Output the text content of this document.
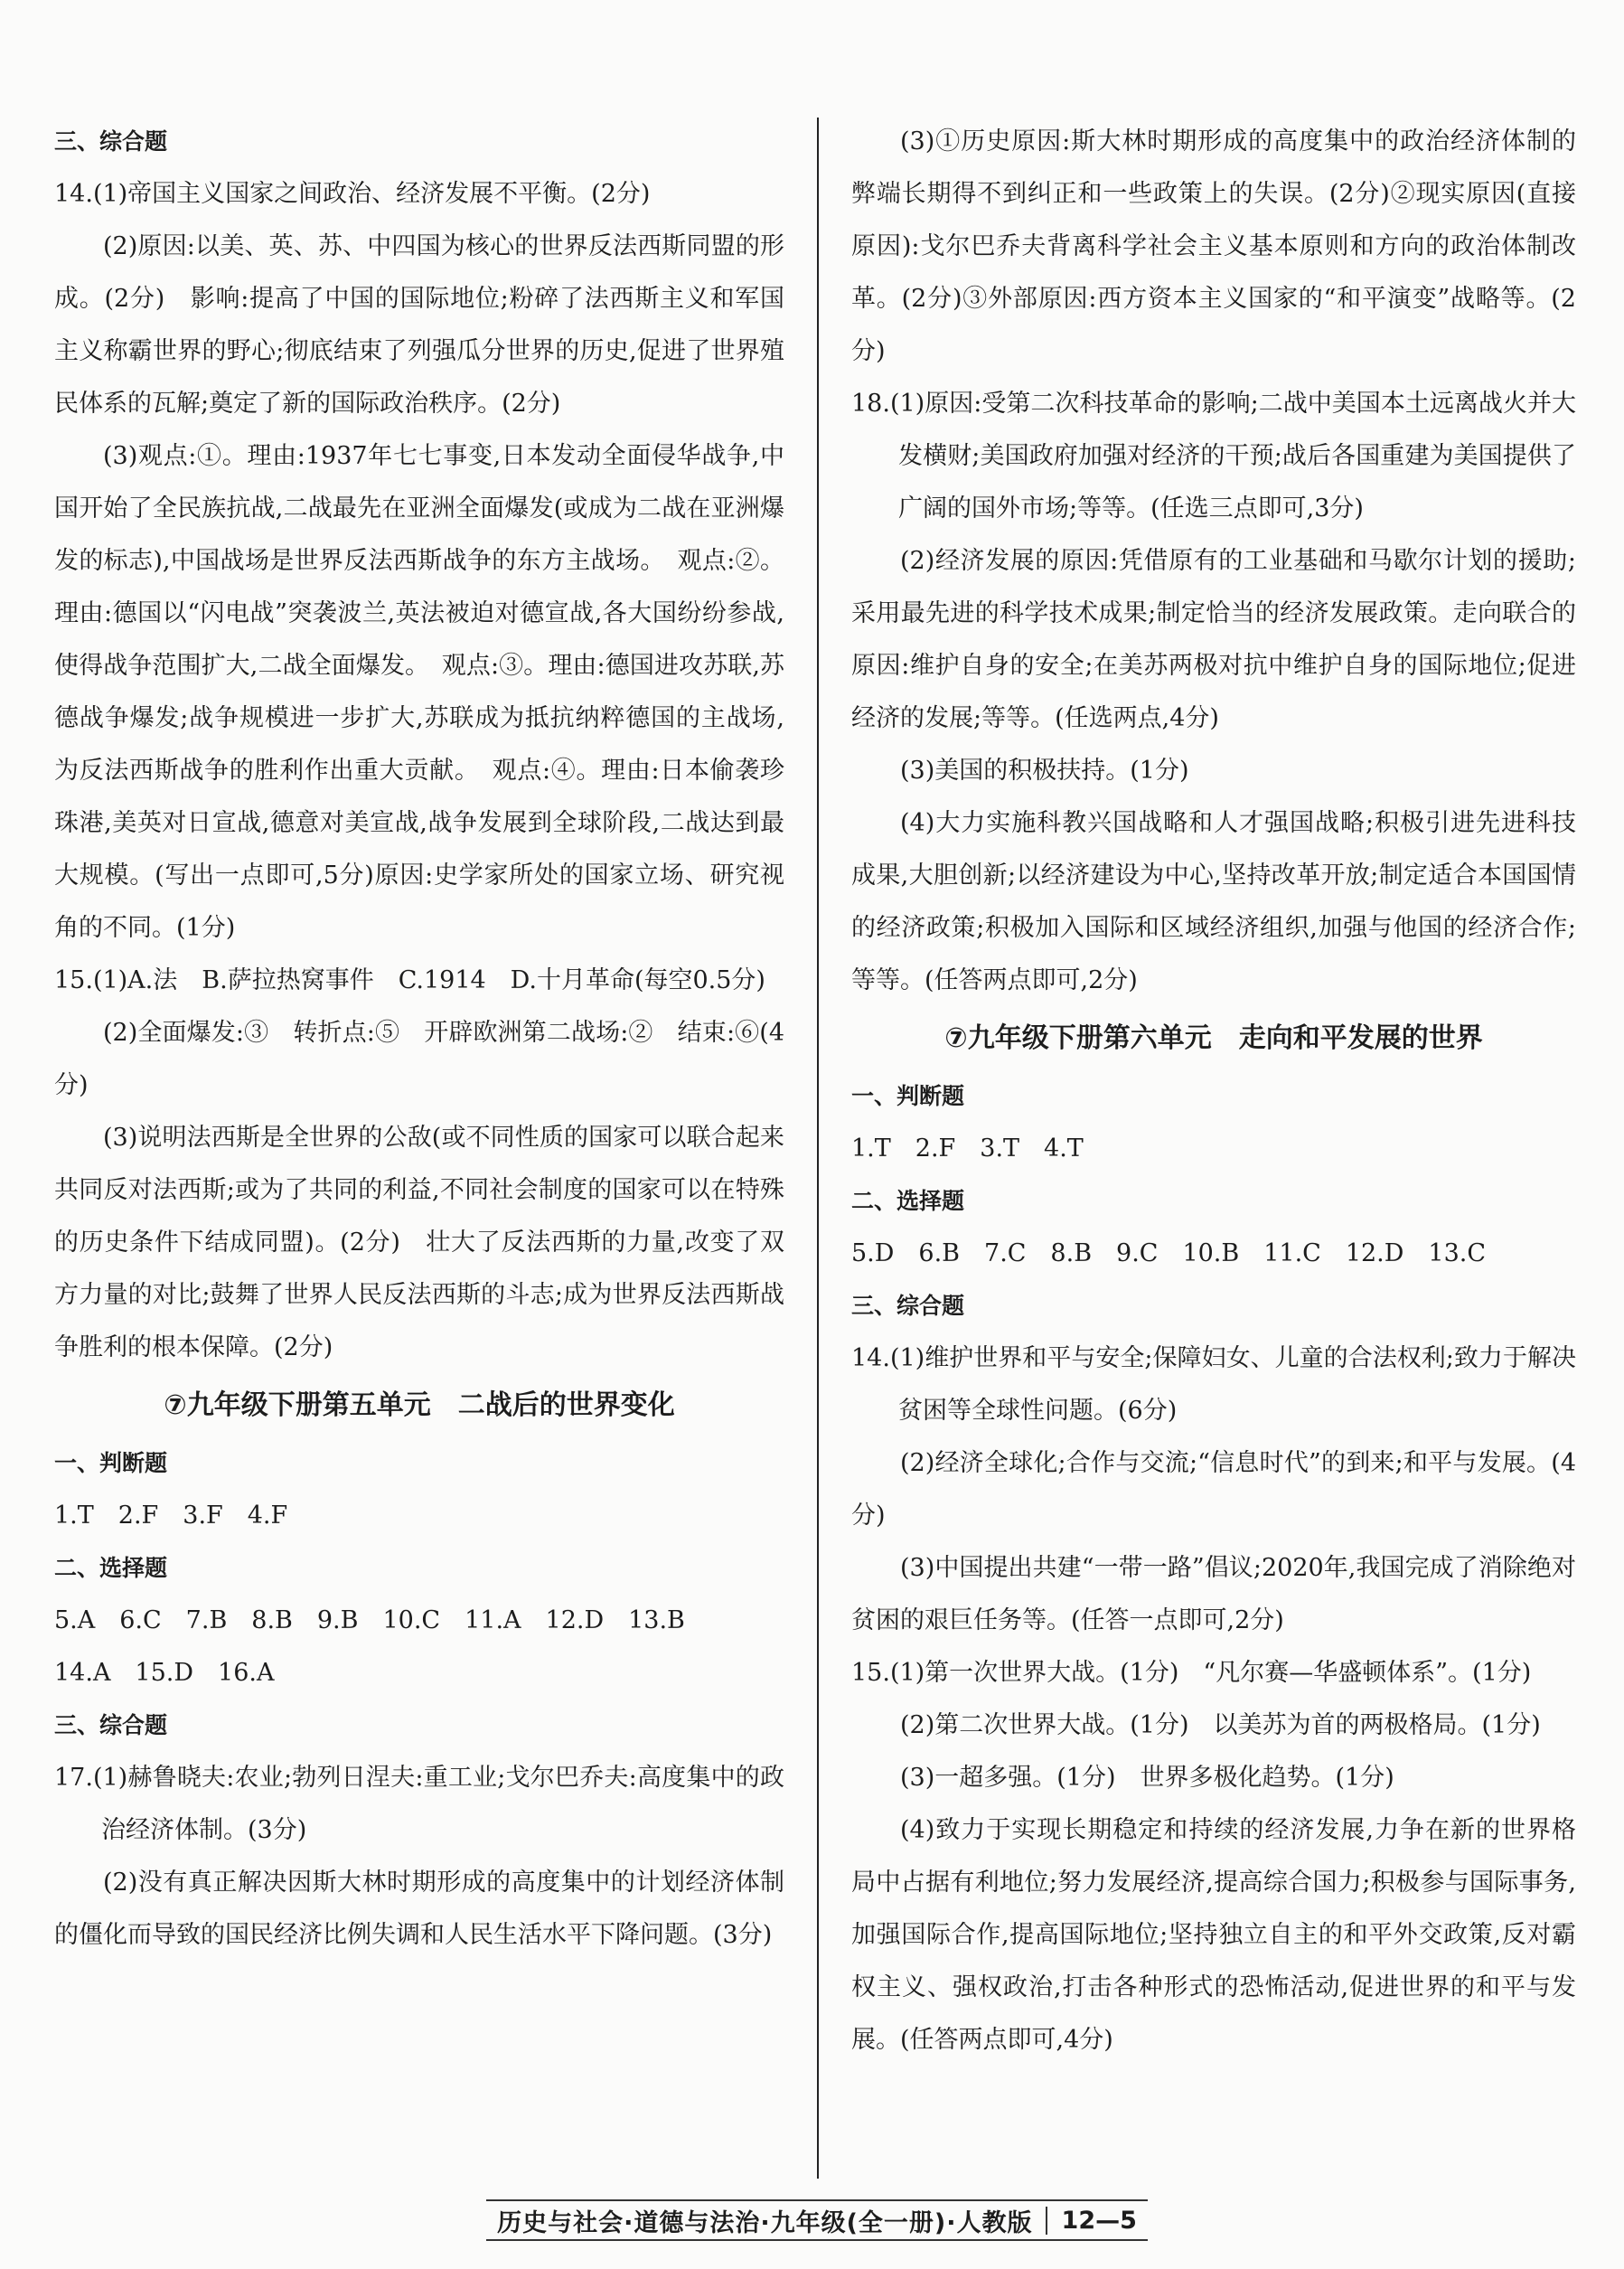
三、综合题

14.(1)帝国主义国家之间政治、经济发展不平衡。(2分)

(2)原因:以美、英、苏、中四国为核心的世界反法西斯同盟的形成。(2分)　影响:提高了中国的国际地位;粉碎了法西斯主义和军国主义称霸世界的野心;彻底结束了列强瓜分世界的历史,促进了世界殖民体系的瓦解;奠定了新的国际政治秩序。(2分)

(3)观点:①。理由:1937年七七事变,日本发动全面侵华战争,中国开始了全民族抗战,二战最先在亚洲全面爆发(或成为二战在亚洲爆发的标志),中国战场是世界反法西斯战争的东方主战场。　观点:②。理由:德国以“闪电战”突袭波兰,英法被迫对德宣战,各大国纷纷参战,使得战争范围扩大,二战全面爆发。　观点:③。理由:德国进攻苏联,苏德战争爆发;战争规模进一步扩大,苏联成为抵抗纳粹德国的主战场,为反法西斯战争的胜利作出重大贡献。　观点:④。理由:日本偷袭珍珠港,美英对日宣战,德意对美宣战,战争发展到全球阶段,二战达到最大规模。(写出一点即可,5分)原因:史学家所处的国家立场、研究视角的不同。(1分)

15.(1)A.法　B.萨拉热窝事件　C.1914　D.十月革命(每空0.5分)

(2)全面爆发:③　转折点:⑤　开辟欧洲第二战场:②　结束:⑥(4分)

(3)说明法西斯是全世界的公敌(或不同性质的国家可以联合起来共同反对法西斯;或为了共同的利益,不同社会制度的国家可以在特殊的历史条件下结成同盟)。(2分)　壮大了反法西斯的力量,改变了双方力量的对比;鼓舞了世界人民反法西斯的斗志;成为世界反法西斯战争胜利的根本保障。(2分)

⑦九年级下册第五单元　二战后的世界变化

一、判断题

1.T　2.F　3.F　4.F

二、选择题

5.A　6.C　7.B　8.B　9.B　10.C　11.A　12.D　13.B

14.A　15.D　16.A

三、综合题

17.(1)赫鲁晓夫:农业;勃列日涅夫:重工业;戈尔巴乔夫:高度集中的政治经济体制。(3分)

(2)没有真正解决因斯大林时期形成的高度集中的计划经济体制的僵化而导致的国民经济比例失调和人民生活水平下降问题。(3分)

(3)①历史原因:斯大林时期形成的高度集中的政治经济体制的弊端长期得不到纠正和一些政策上的失误。(2分)②现实原因(直接原因):戈尔巴乔夫背离科学社会主义基本原则和方向的政治体制改革。(2分)③外部原因:西方资本主义国家的“和平演变”战略等。(2分)

18.(1)原因:受第二次科技革命的影响;二战中美国本土远离战火并大发横财;美国政府加强对经济的干预;战后各国重建为美国提供了广阔的国外市场;等等。(任选三点即可,3分)

(2)经济发展的原因:凭借原有的工业基础和马歇尔计划的援助;采用最先进的科学技术成果;制定恰当的经济发展政策。走向联合的原因:维护自身的安全;在美苏两极对抗中维护自身的国际地位;促进经济的发展;等等。(任选两点,4分)

(3)美国的积极扶持。(1分)

(4)大力实施科教兴国战略和人才强国战略;积极引进先进科技成果,大胆创新;以经济建设为中心,坚持改革开放;制定适合本国国情的经济政策;积极加入国际和区域经济组织,加强与他国的经济合作;等等。(任答两点即可,2分)

⑦九年级下册第六单元　走向和平发展的世界

一、判断题

1.T　2.F　3.T　4.T

二、选择题

5.D　6.B　7.C　8.B　9.C　10.B　11.C　12.D　13.C

三、综合题

14.(1)维护世界和平与安全;保障妇女、儿童的合法权利;致力于解决贫困等全球性问题。(6分)

(2)经济全球化;合作与交流;“信息时代”的到来;和平与发展。(4分)

(3)中国提出共建“一带一路”倡议;2020年,我国完成了消除绝对贫困的艰巨任务等。(任答一点即可,2分)

15.(1)第一次世界大战。(1分)　“凡尔赛—华盛顿体系”。(1分)

(2)第二次世界大战。(1分)　以美苏为首的两极格局。(1分)

(3)一超多强。(1分)　世界多极化趋势。(1分)

(4)致力于实现长期稳定和持续的经济发展,力争在新的世界格局中占据有利地位;努力发展经济,提高综合国力;积极参与国际事务,加强国际合作,提高国际地位;坚持独立自主的和平外交政策,反对霸权主义、强权政治,打击各种形式的恐怖活动,促进世界的和平与发展。(任答两点即可,4分)

历史与社会·道德与法治·九年级(全一册)·人教版	12—5
